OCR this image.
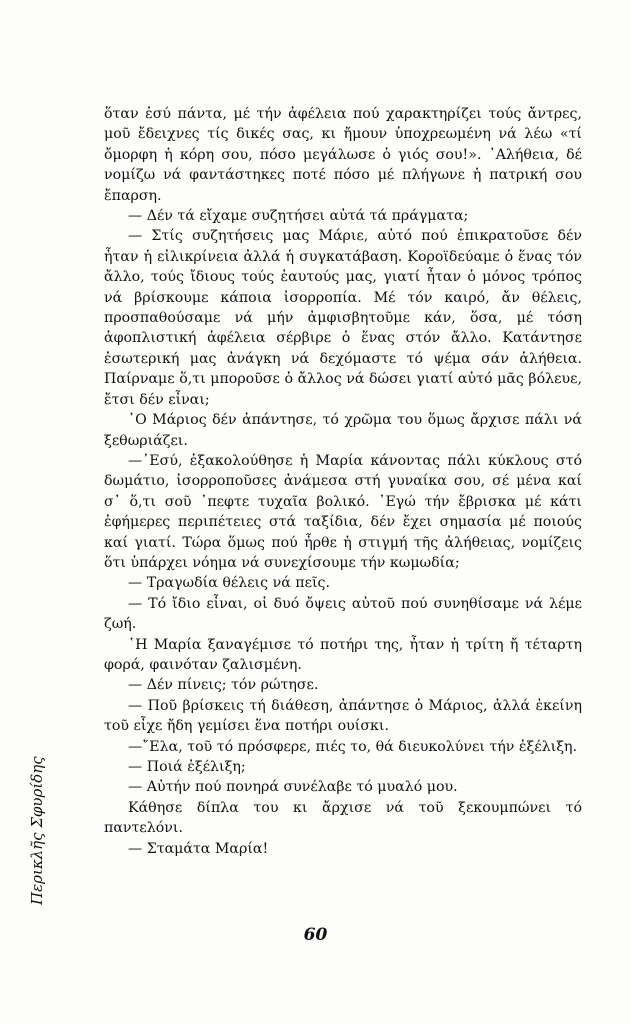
Περικλῆς Σφυρίδης

ὅταν ἐσύ πάντα, μέ τήν ἀφέλεια πού χαρακτηρίζει τούς ἄντρες, μοῦ ἔδειχνες τίς δικές σας, κι ἤμουν ὑποχρεωμένη νά λέω «τί ὄμορφη ἡ κόρη σου, πόσο μεγάλωσε ὁ γιός σου!». ᾿Αλήθεια, δέ νομίζω νά φαντάστηκες ποτέ πόσο μέ πλήγωνε ἡ πατρική σου ἔπαρση.

— Δέν τά εἴχαμε συζητήσει αὐτά τά πράγματα;

— Στίς συζητήσεις μας Μάριε, αὐτό πού ἐπικρατοῦσε δέν ἦταν ἡ εἰλικρίνεια ἀλλά ἡ συγκατάβαση. Κοροϊδεύαμε ὁ ἕνας τόν ἄλλο, τούς ἴδιους τούς ἑαυτούς μας, γιατί ἦταν ὁ μόνος τρόπος νά βρίσκουμε κάποια ἰσορροπία. Μέ τόν καιρό, ἄν θέλεις, προσπαθούσαμε νά μήν ἀμφισβητοῦμε κάν, ὅσα, μέ τόση ἀφοπλιστική ἀφέλεια σέρβιρε ὁ ἕνας στόν ἄλλο. Κατάντησε ἐσωτερική μας ἀνάγκη νά δεχόμαστε τό ψέμα σάν ἀλήθεια. Παίρναμε ὅ,τι μποροῦσε ὁ ἄλλος νά δώσει γιατί αὐτό μᾶς βόλευε, ἔτσι δέν εἶναι;

῾Ο Μάριος δέν ἀπάντησε, τό χρῶμα του ὅμως ἄρχισε πάλι νά ξεθωριάζει.

—᾿Εσύ, ἐξακολούθησε ἡ Μαρία κάνοντας πάλι κύκλους στό δωμάτιο, ἰσορροποῦσες ἀνάμεσα στή γυναίκα σου, σέ μένα καί σ᾿ ὅ,τι σοῦ ᾿πεφτε τυχαῖα βολικό. ᾿Εγώ τήν ἔβρισκα μέ κάτι ἐφήμερες περιπέτειες στά ταξίδια, δέν ἔχει σημασία μέ ποιούς καί γιατί. Τώρα ὅμως πού ἦρθε ἡ στιγμή τῆς ἀλήθειας, νομίζεις ὅτι ὑπάρχει νόημα νά συνεχίσουμε τήν κωμωδία;

— Τραγωδία θέλεις νά πεῖς.

— Τό ἴδιο εἶναι, οἱ δυό ὄψεις αὐτοῦ πού συνηθίσαμε νά λέμε ζωή.

῾Η Μαρία ξαναγέμισε τό ποτήρι της, ἦταν ἡ τρίτη ἤ τέταρτη φορά, φαινόταν ζαλισμένη.

— Δέν πίνεις; τόν ρώτησε.

— Ποῦ βρίσκεις τή διάθεση, ἀπάντησε ὁ Μάριος, ἀλλά ἐκείνη τοῦ εἶχε ἤδη γεμίσει ἕνα ποτήρι ουίσκι.

—῎Ελα, τοῦ τό πρόσφερε, πιές το, θά διευκολύνει τήν ἐξέλιξη.

— Ποιά ἐξέλιξη;

— Αὐτήν πού πονηρά συνέλαβε τό μυαλό μου.

Κάθησε δίπλα του κι ἄρχισε νά τοῦ ξεκουμπώνει τό παντελόνι.

— Σταμάτα Μαρία!

60
